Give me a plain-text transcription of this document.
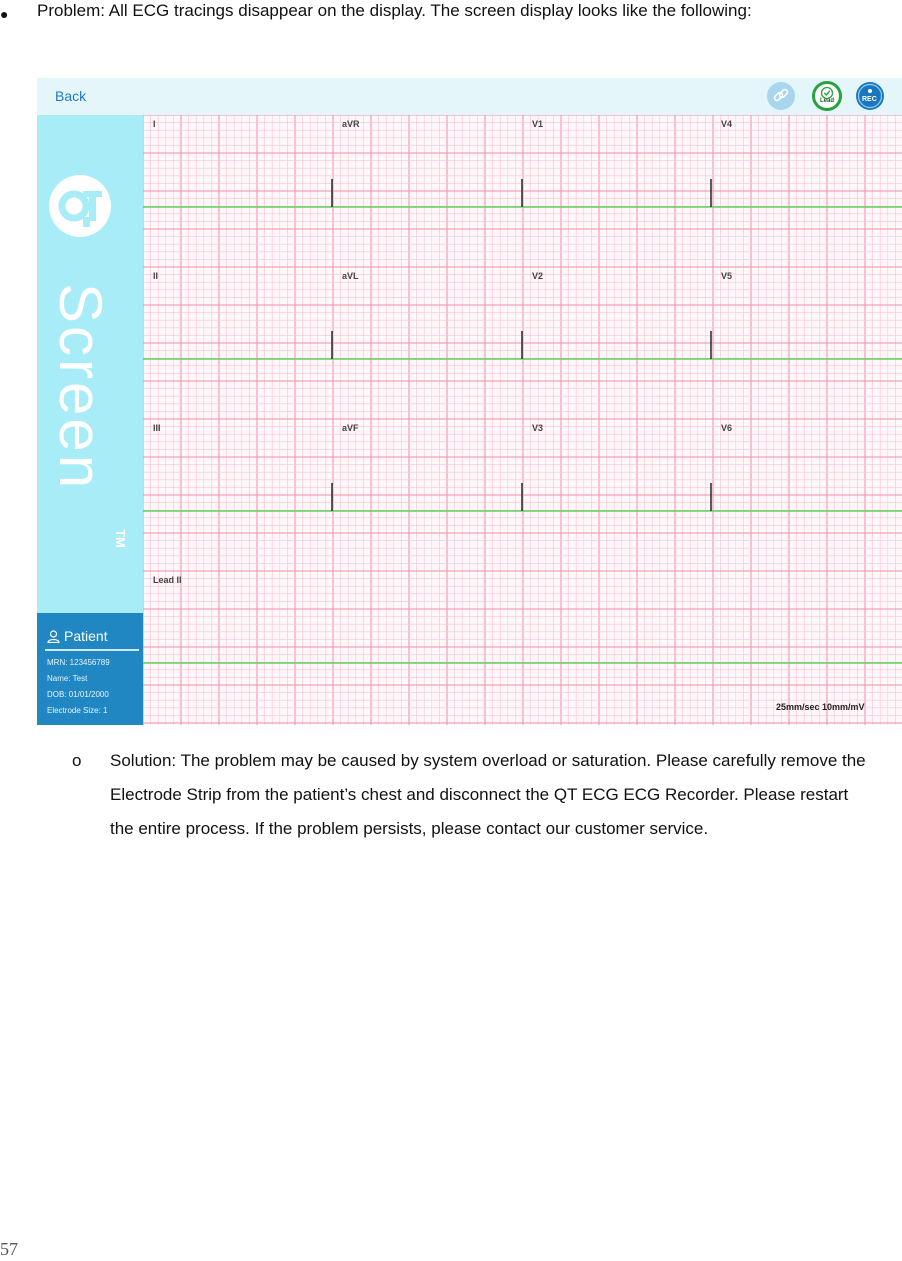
● Problem: All ECG tracings disappear on the display. The screen display looks like the following:
Back	Lead	REC
Screen
TM
Patient
MRN: 123456789
Name: Test
DOB: 01/01/2000
Electrode Size: 1
I	aVR	V1	V4
II	aVL	V2	V5
III	aVF	V3	V6
Lead II
25mm/sec 10mm/mV
o Solution: The problem may be caused by system overload or saturation. Please carefully remove the Electrode Strip from the patient’s chest and disconnect the QT ECG ECG Recorder. Please restart the entire process. If the problem persists, please contact our customer service.
57
